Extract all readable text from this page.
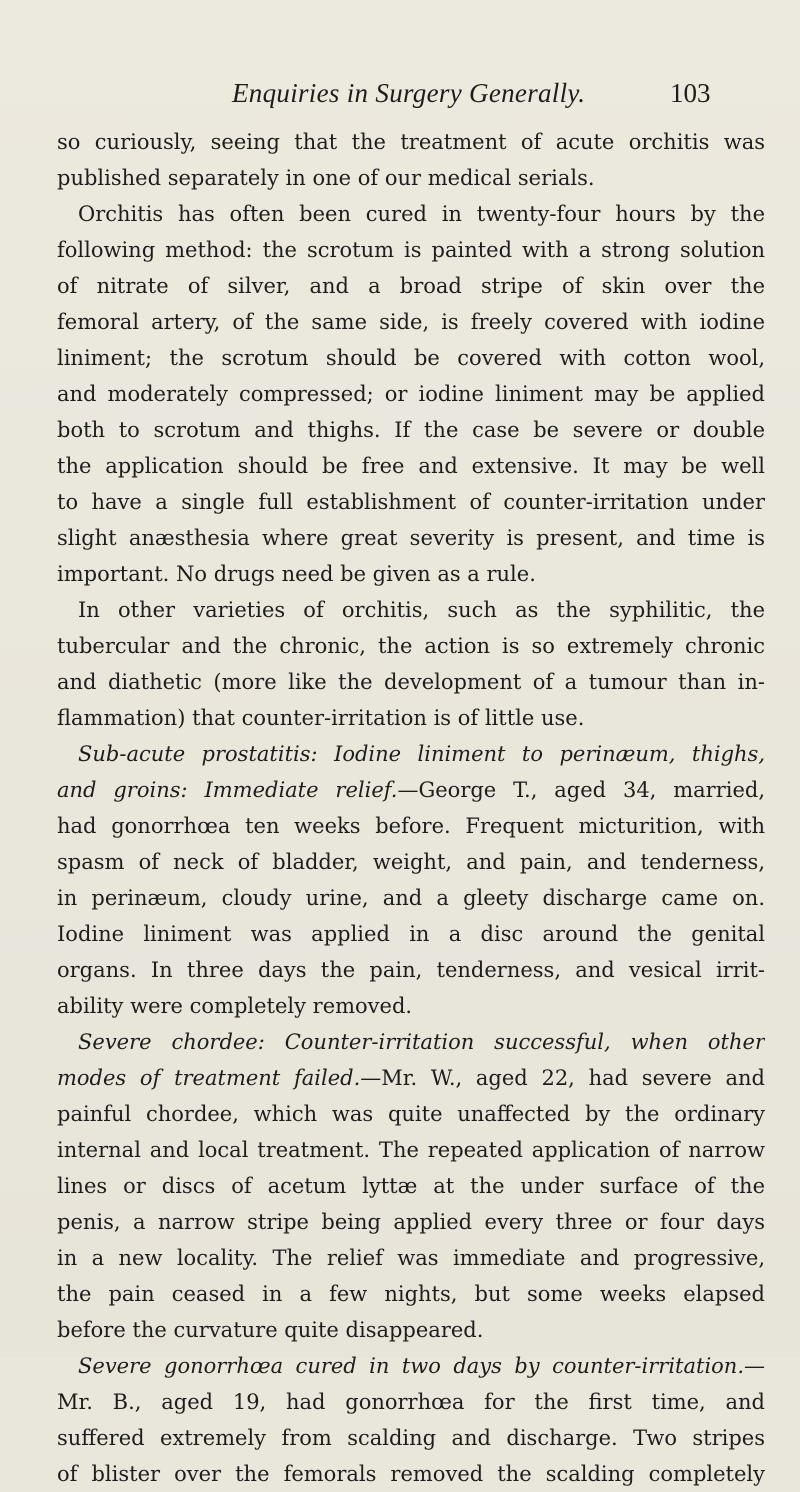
Enquiries in Surgery Generally.	103
so curiously, seeing that the treatment of acute orchitis was
published separately in one of our medical serials.
Orchitis has often been cured in twenty-four hours by the
following method: the scrotum is painted with a strong solution
of nitrate of silver, and a broad stripe of skin over the
femoral artery, of the same side, is freely covered with iodine
liniment; the scrotum should be covered with cotton wool,
and moderately compressed; or iodine liniment may be applied
both to scrotum and thighs. If the case be severe or double
the application should be free and extensive. It may be well
to have a single full establishment of counter-irritation under
slight anæsthesia where great severity is present, and time is
important. No drugs need be given as a rule.
In other varieties of orchitis, such as the syphilitic, the
tubercular and the chronic, the action is so extremely chronic
and diathetic (more like the development of a tumour than in-
flammation) that counter-irritation is of little use.
Sub-acute prostatitis: Iodine liniment to perinæum, thighs,
and groins: Immediate relief.—George T., aged 34, married,
had gonorrhœa ten weeks before. Frequent micturition, with
spasm of neck of bladder, weight, and pain, and tenderness,
in perinæum, cloudy urine, and a gleety discharge came on.
Iodine liniment was applied in a disc around the genital
organs. In three days the pain, tenderness, and vesical irrit-
ability were completely removed.
Severe chordee: Counter-irritation successful, when other
modes of treatment failed.—Mr. W., aged 22, had severe and
painful chordee, which was quite unaffected by the ordinary
internal and local treatment. The repeated application of narrow
lines or discs of acetum lyttæ at the under surface of the
penis, a narrow stripe being applied every three or four days
in a new locality. The relief was immediate and progressive,
the pain ceased in a few nights, but some weeks elapsed
before the curvature quite disappeared.
Severe gonorrhœa cured in two days by counter-irritation.—
Mr. B., aged 19, had gonorrhœa for the first time, and
suffered extremely from scalding and discharge. Two stripes
of blister over the femorals removed the scalding completely
